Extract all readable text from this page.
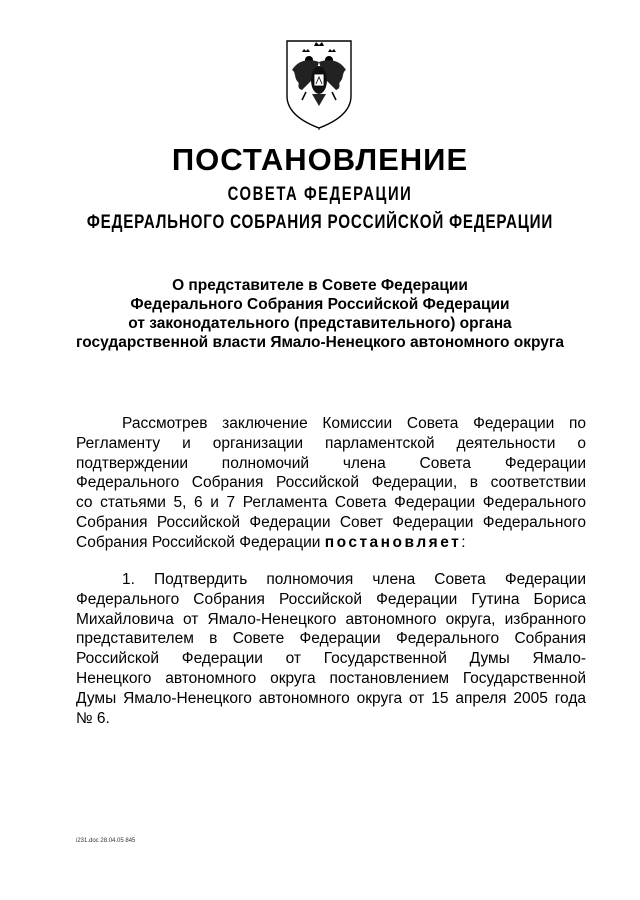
ПОСТАНОВЛЕНИЕ
СОВЕТА ФЕДЕРАЦИИ
ФЕДЕРАЛЬНОГО СОБРАНИЯ РОССИЙСКОЙ ФЕДЕРАЦИИ
О представителе в Совете Федерации
Федерального Собрания Российской Федерации
от законодательного (представительного) органа
государственной власти Ямало-Ненецкого автономного округа
Рассмотрев заключение Комиссии Совета Федерации по
Регламенту и организации парламентской деятельности о
подтверждении полномочий члена Совета Федерации
Федерального Собрания Российской Федерации, в соответствии
со статьями 5, 6 и 7 Регламента Совета Федерации Федерального
Собрания Российской Федерации Совет Федерации Федерального
Собрания Российской Федерации постановляет:
1. Подтвердить полномочия члена Совета Федерации
Федерального Собрания Российской Федерации Гутина Бориса
Михайловича от Ямало-Ненецкого автономного округа, избранного
представителем в Совете Федерации Федерального Собрания
Российской Федерации от Государственной Думы Ямало-
Ненецкого автономного округа постановлением Государственной
Думы Ямало-Ненецкого автономного округа от 15 апреля 2005 года
№ 6.
i231.doc 28.04.05 845
